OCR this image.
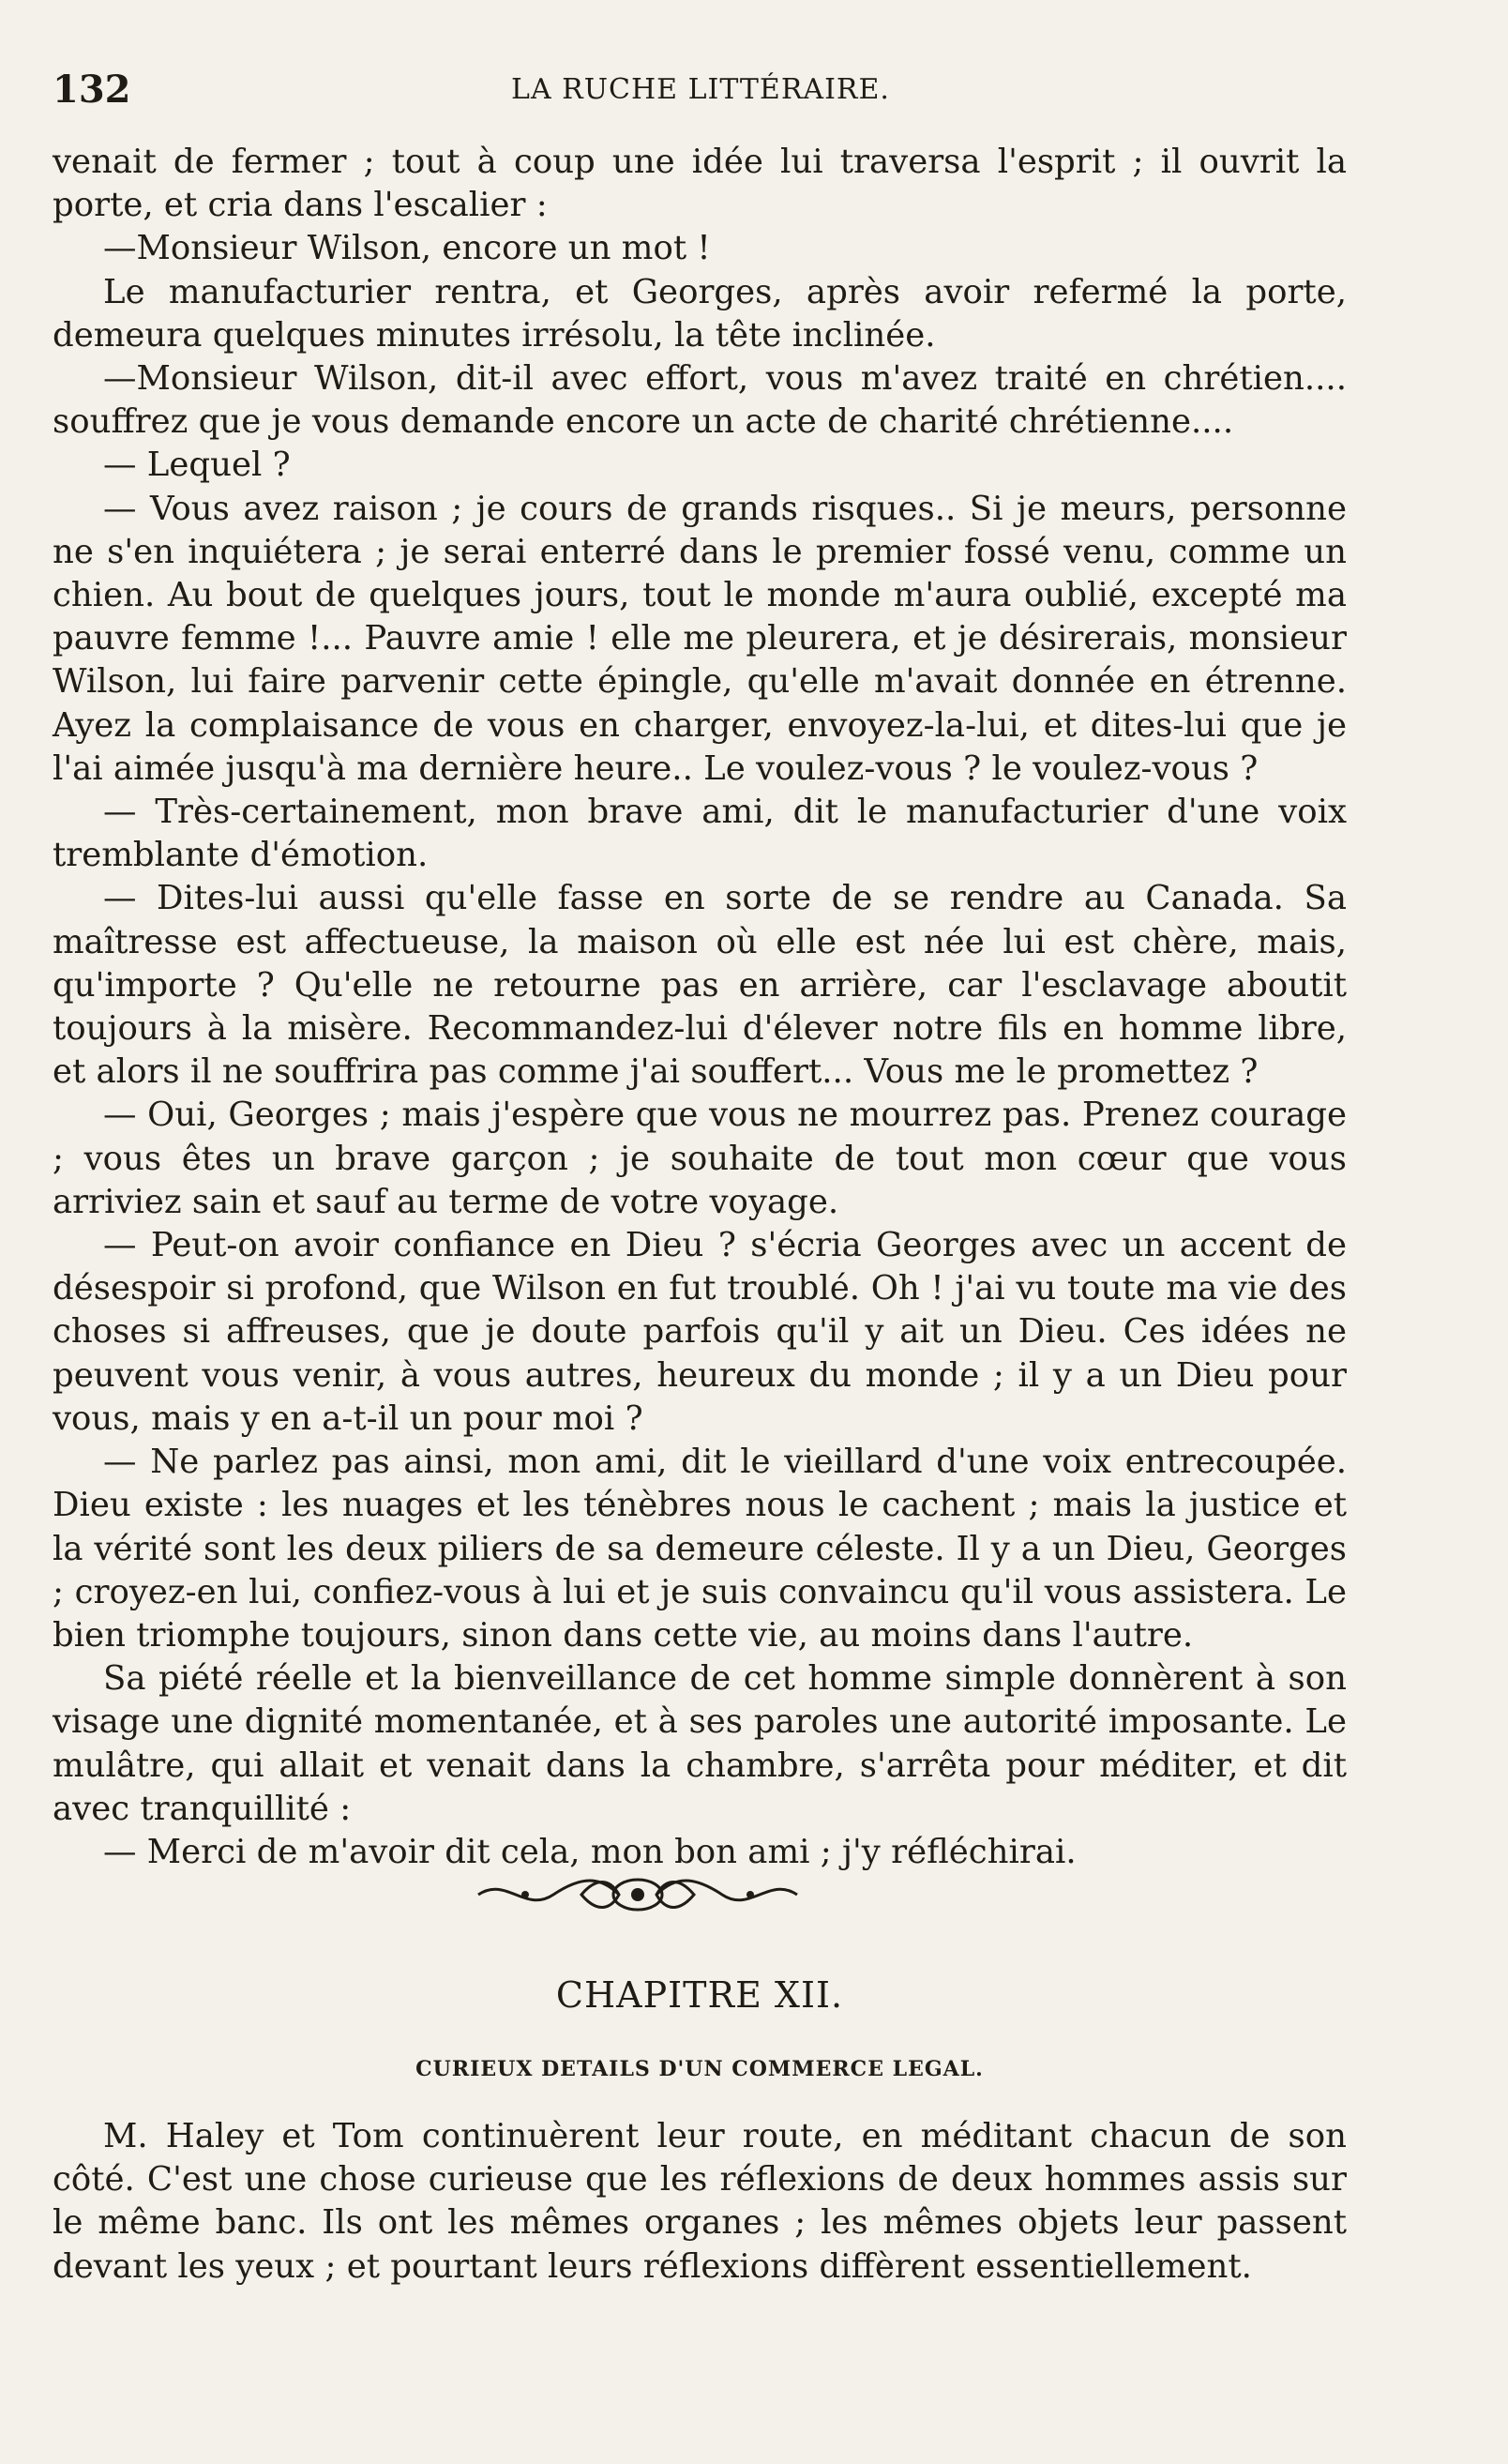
132	LA RUCHE LITTÉRAIRE.

venait de fermer ; tout à coup une idée lui traversa l'esprit ; il ouvrit la porte, et cria dans l'escalier :

—Monsieur Wilson, encore un mot !

Le manufacturier rentra, et Georges, après avoir refermé la porte, demeura quelques minutes irrésolu, la tête inclinée.

—Monsieur Wilson, dit-il avec effort, vous m'avez traité en chrétien.... souffrez que je vous demande encore un acte de charité chrétienne....

— Lequel ?

— Vous avez raison ; je cours de grands risques.. Si je meurs, personne ne s'en inquiétera ; je serai enterré dans le premier fossé venu, comme un chien. Au bout de quelques jours, tout le monde m'aura oublié, excepté ma pauvre femme !... Pauvre amie ! elle me pleurera, et je désirerais, monsieur Wilson, lui faire parvenir cette épingle, qu'elle m'avait donnée en étrenne. Ayez la complaisance de vous en charger, envoyez-la-lui, et dites-lui que je l'ai aimée jusqu'à ma dernière heure.. Le voulez-vous ? le voulez-vous ?

— Très-certainement, mon brave ami, dit le manufacturier d'une voix tremblante d'émotion.

— Dites-lui aussi qu'elle fasse en sorte de se rendre au Canada. Sa maîtresse est affectueuse, la maison où elle est née lui est chère, mais, qu'importe ? Qu'elle ne retourne pas en arrière, car l'esclavage aboutit toujours à la misère. Recommandez-lui d'élever notre fils en homme libre, et alors il ne souffrira pas comme j'ai souffert... Vous me le promettez ?

— Oui, Georges ; mais j'espère que vous ne mourrez pas. Prenez courage ; vous êtes un brave garçon ; je souhaite de tout mon cœur que vous arriviez sain et sauf au terme de votre voyage.

— Peut-on avoir confiance en Dieu ? s'écria Georges avec un accent de désespoir si profond, que Wilson en fut troublé. Oh ! j'ai vu toute ma vie des choses si affreuses, que je doute parfois qu'il y ait un Dieu. Ces idées ne peuvent vous venir, à vous autres, heureux du monde ; il y a un Dieu pour vous, mais y en a-t-il un pour moi ?

— Ne parlez pas ainsi, mon ami, dit le vieillard d'une voix entrecoupée. Dieu existe : les nuages et les ténèbres nous le cachent ; mais la justice et la vérité sont les deux piliers de sa demeure céleste. Il y a un Dieu, Georges ; croyez-en lui, confiez-vous à lui et je suis convaincu qu'il vous assistera. Le bien triomphe toujours, sinon dans cette vie, au moins dans l'autre.

Sa piété réelle et la bienveillance de cet homme simple donnèrent à son visage une dignité momentanée, et à ses paroles une autorité imposante. Le mulâtre, qui allait et venait dans la chambre, s'arrêta pour méditer, et dit avec tranquillité :

— Merci de m'avoir dit cela, mon bon ami ; j'y réfléchirai.

CHAPITRE XII.
CURIEUX DETAILS D'UN COMMERCE LEGAL.

M. Haley et Tom continuèrent leur route, en méditant chacun de son côté. C'est une chose curieuse que les réflexions de deux hommes assis sur le même banc. Ils ont les mêmes organes ; les mêmes objets leur passent devant les yeux ; et pourtant leurs réflexions diffèrent essentiellement.
